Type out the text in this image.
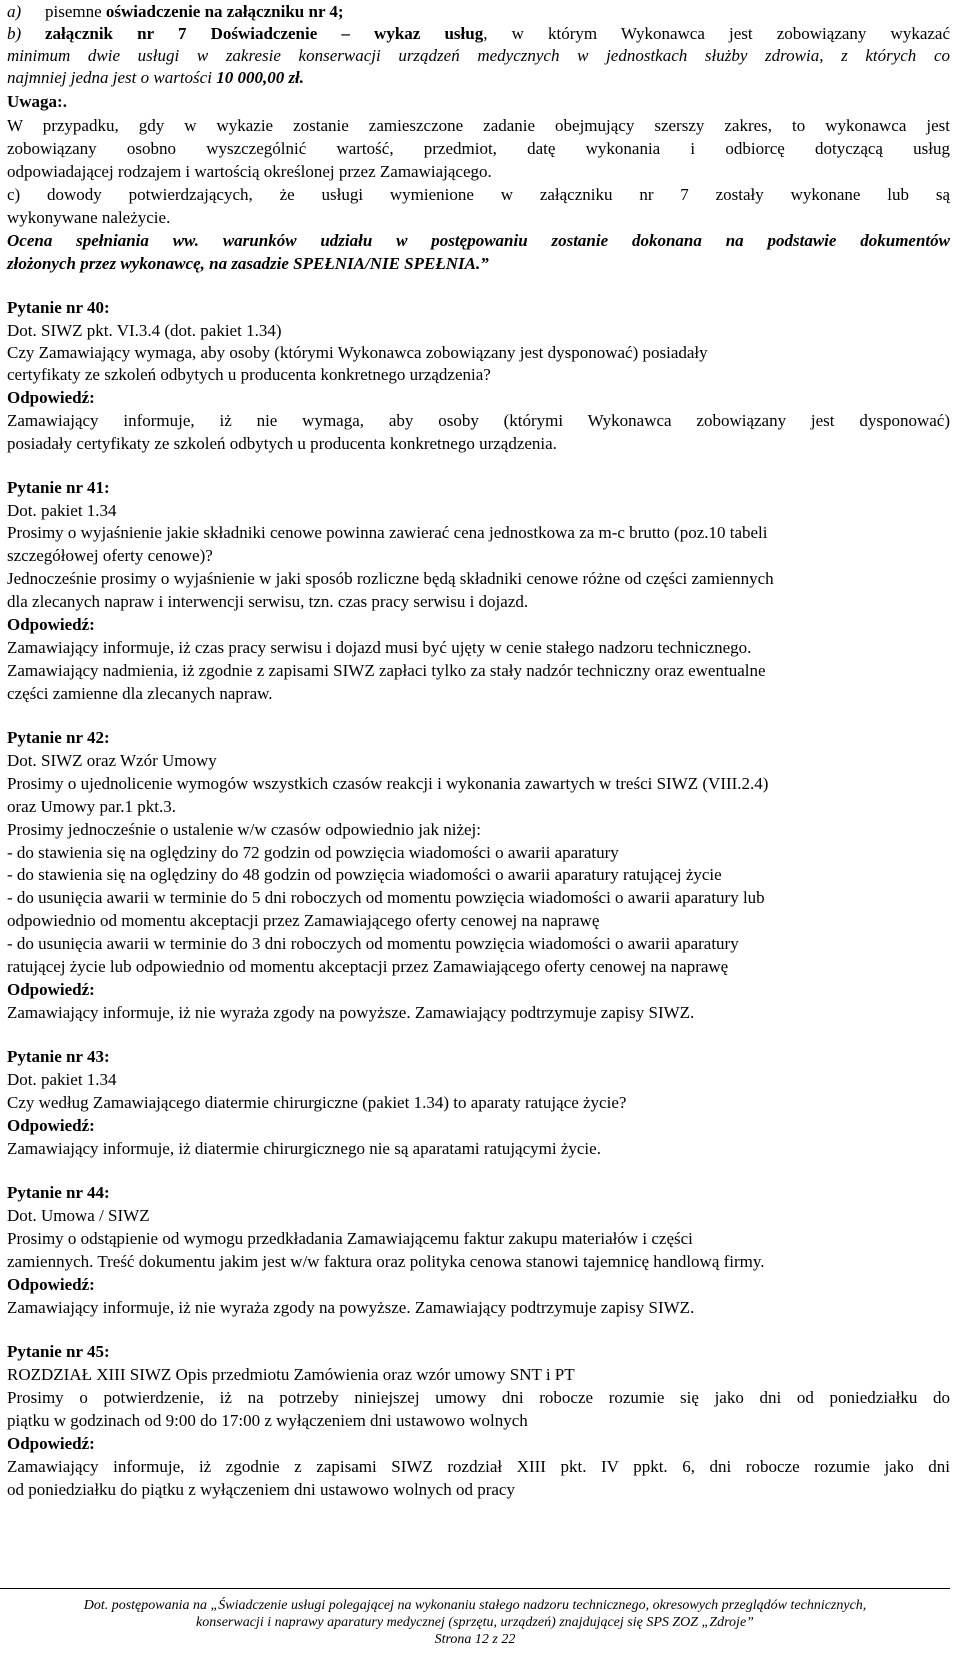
a) pisemne oświadczenie na załączniku nr 4;
b) załącznik nr 7 Doświadczenie – wykaz usług, w którym Wykonawca jest zobowiązany wykazać
minimum dwie usługi w zakresie konserwacji urządzeń medycznych w jednostkach służby zdrowia, z których co
najmniej jedna jest o wartości 10 000,00 zł.
Uwaga:.
W przypadku, gdy w wykazie zostanie zamieszczone zadanie obejmujący szerszy zakres, to wykonawca jest
zobowiązany osobno wyszczególnić wartość, przedmiot, datę wykonania i odbiorcę dotyczącą usług
odpowiadającej rodzajem i wartością określonej przez Zamawiającego.
c) dowody potwierdzających, że usługi wymienione w załączniku nr 7 zostały wykonane lub są
wykonywane należycie.
Ocena spełniania ww. warunków udziału w postępowaniu zostanie dokonana na podstawie dokumentów
złożonych przez wykonawcę, na zasadzie SPEŁNIA/NIE SPEŁNIA.”
Pytanie nr 40:
Dot. SIWZ pkt. VI.3.4 (dot. pakiet 1.34)
Czy Zamawiający wymaga, aby osoby (którymi Wykonawca zobowiązany jest dysponować) posiadały
certyfikaty ze szkoleń odbytych u producenta konkretnego urządzenia?
Odpowiedź:
Zamawiający informuje, iż nie wymaga, aby osoby (którymi Wykonawca zobowiązany jest dysponować)
posiadały certyfikaty ze szkoleń odbytych u producenta konkretnego urządzenia.
Pytanie nr 41:
Dot. pakiet 1.34
Prosimy o wyjaśnienie jakie składniki cenowe powinna zawierać cena jednostkowa za m-c brutto (poz.10 tabeli
szczegółowej oferty cenowe)?
Jednocześnie prosimy o wyjaśnienie w jaki sposób rozliczne będą składniki cenowe różne od części zamiennych
dla zlecanych napraw i interwencji serwisu, tzn. czas pracy serwisu i dojazd.
Odpowiedź:
Zamawiający informuje, iż czas pracy serwisu i dojazd musi być ujęty w cenie stałego nadzoru technicznego.
Zamawiający nadmienia, iż zgodnie z zapisami SIWZ zapłaci tylko za stały nadzór techniczny oraz ewentualne
części zamienne dla zlecanych napraw.
Pytanie nr 42:
Dot. SIWZ oraz Wzór Umowy
Prosimy o ujednolicenie wymogów wszystkich czasów reakcji i wykonania zawartych w treści SIWZ (VIII.2.4)
oraz Umowy par.1 pkt.3.
Prosimy jednocześnie o ustalenie w/w czasów odpowiednio jak niżej:
- do stawienia się na oględziny do 72 godzin od powzięcia wiadomości o awarii aparatury
- do stawienia się na oględziny do 48 godzin od powzięcia wiadomości o awarii aparatury ratującej życie
- do usunięcia awarii w terminie do 5 dni roboczych od momentu powzięcia wiadomości o awarii aparatury lub
odpowiednio od momentu akceptacji przez Zamawiającego oferty cenowej na naprawę
- do usunięcia awarii w terminie do 3 dni roboczych od momentu powzięcia wiadomości o awarii aparatury
ratującej życie lub odpowiednio od momentu akceptacji przez Zamawiającego oferty cenowej na naprawę
Odpowiedź:
Zamawiający informuje, iż nie wyraża zgody na powyższe. Zamawiający podtrzymuje zapisy SIWZ.
Pytanie nr 43:
Dot. pakiet 1.34
Czy według Zamawiającego diatermie chirurgiczne (pakiet 1.34) to aparaty ratujące życie?
Odpowiedź:
Zamawiający informuje, iż diatermie chirurgicznego nie są aparatami ratującymi życie.
Pytanie nr 44:
Dot. Umowa / SIWZ
Prosimy o odstąpienie od wymogu przedkładania Zamawiającemu faktur zakupu materiałów i części
zamiennych. Treść dokumentu jakim jest w/w faktura oraz polityka cenowa stanowi tajemnicę handlową firmy.
Odpowiedź:
Zamawiający informuje, iż nie wyraża zgody na powyższe. Zamawiający podtrzymuje zapisy SIWZ.
Pytanie nr 45:
ROZDZIAŁ XIII SIWZ Opis przedmiotu Zamówienia oraz wzór umowy SNT i PT
Prosimy o potwierdzenie, iż na potrzeby niniejszej umowy dni robocze rozumie się jako dni od poniedziałku do
piątku w godzinach od 9:00 do 17:00 z wyłączeniem dni ustawowo wolnych
Odpowiedź:
Zamawiający informuje, iż zgodnie z zapisami SIWZ rozdział XIII pkt. IV ppkt. 6, dni robocze rozumie jako dni
od poniedziałku do piątku z wyłączeniem dni ustawowo wolnych od pracy
Dot. postępowania na „Świadczenie usługi polegającej na wykonaniu stałego nadzoru technicznego, okresowych przeglądów technicznych,
konserwacji i naprawy aparatury medycznej (sprzętu, urządzeń) znajdującej się SPS ZOZ „Zdroje”
Strona 12 z 22
